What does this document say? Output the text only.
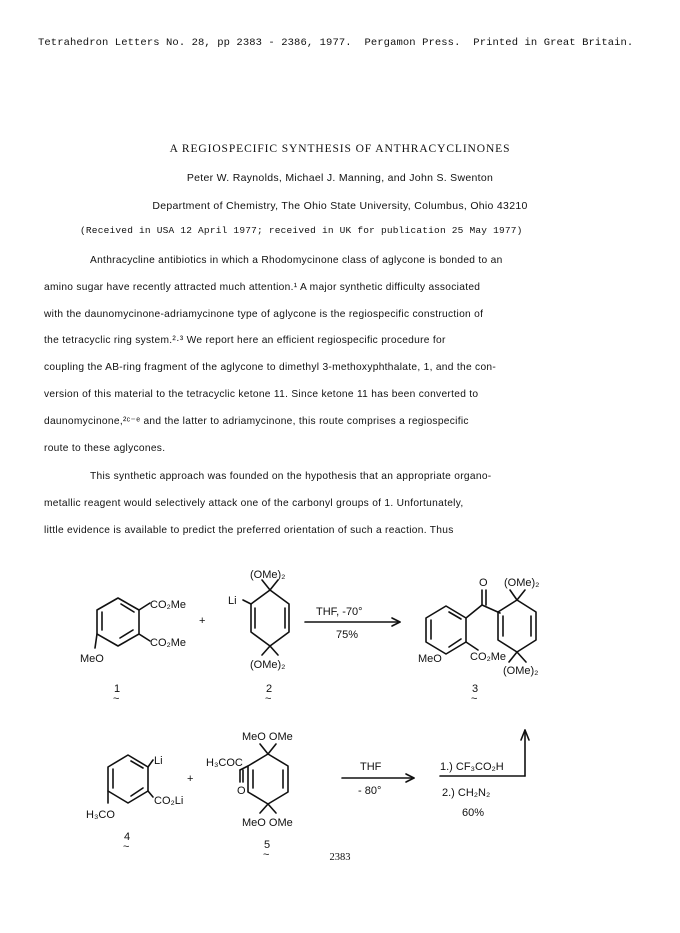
Tetrahedron Letters No. 28, pp 2383 - 2386, 1977. Pergamon Press. Printed in Great Britain.
A REGIOSPECIFIC SYNTHESIS OF ANTHRACYCLINONES
Peter W. Raynolds, Michael J. Manning, and John S. Swenton
Department of Chemistry, The Ohio State University, Columbus, Ohio 43210
(Received in USA 12 April 1977; received in UK for publication 25 May 1977)
Anthracycline antibiotics in which a Rhodomycinone class of aglycone is bonded to an
amino sugar have recently attracted much attention.¹ A major synthetic difficulty associated
with the daunomycinone-adriamycinone type of aglycone is the regiospecific construction of
the tetracyclic ring system.²·³ We report here an efficient regiospecific procedure for
coupling the AB-ring fragment of the aglycone to dimethyl 3-methoxyphthalate, 1, and the con-
version of this material to the tetracyclic ketone 11. Since ketone 11 has been converted to
daunomycinone,²ᶜ⁻ᵉ and the latter to adriamycinone, this route comprises a regiospecific
route to these aglycones.
This synthetic approach was founded on the hypothesis that an appropriate organo-
metallic reagent would selectively attack one of the carbonyl groups of 1. Unfortunately,
little evidence is available to predict the preferred orientation of such a reaction. Thus
CO₂Me
CO₂Me
MeO
1
~
+
Li
(OMe)₂
(OMe)₂
2
~
THF, -70°
75%
O (OMe)₂
CO₂Me
MeO
(OMe)₂
3
~
Li
CO₂Li
H₃CO
4
~
+
MeO OMe
H₃COC
O
MeO OMe
5
~
THF
- 80°
1.) CF₃CO₂H
2.) CH₂N₂
60%
2383
